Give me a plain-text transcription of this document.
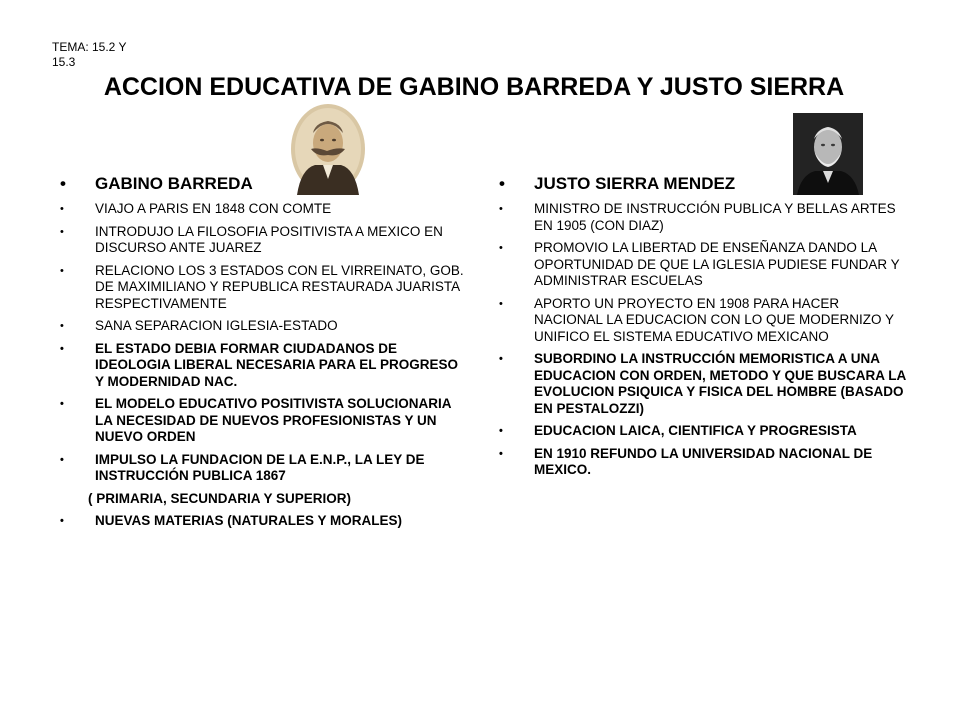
TEMA: 15.2 Y 15.3
ACCION EDUCATIVA DE GABINO BARREDA Y JUSTO SIERRA
• GABINO BARREDA
• VIAJO A PARIS EN 1848 CON COMTE
• INTRODUJO LA FILOSOFIA POSITIVISTA A MEXICO EN DISCURSO ANTE JUAREZ
• RELACIONO LOS 3 ESTADOS CON EL VIRREINATO, GOB. DE MAXIMILIANO Y REPUBLICA RESTAURADA JUARISTA RESPECTIVAMENTE
• SANA SEPARACION IGLESIA-ESTADO
• EL ESTADO DEBIA FORMAR CIUDADANOS DE IDEOLOGIA LIBERAL NECESARIA PARA EL PROGRESO Y MODERNIDAD NAC.
• EL MODELO EDUCATIVO POSITIVISTA SOLUCIONARIA LA NECESIDAD DE NUEVOS PROFESIONISTAS Y UN NUEVO ORDEN
• IMPULSO LA FUNDACION DE LA E.N.P., LA LEY DE INSTRUCCIÓN PUBLICA 1867
( PRIMARIA, SECUNDARIA Y SUPERIOR)
• NUEVAS MATERIAS (NATURALES Y MORALES)
• JUSTO SIERRA MENDEZ
• MINISTRO DE INSTRUCCIÓN PUBLICA Y BELLAS ARTES EN 1905 (CON DIAZ)
• PROMOVIO LA LIBERTAD DE ENSEÑANZA DANDO LA OPORTUNIDAD DE QUE LA IGLESIA PUDIESE FUNDAR Y ADMINISTRAR ESCUELAS
• APORTO UN PROYECTO EN 1908 PARA HACER NACIONAL LA EDUCACION CON LO QUE MODERNIZO Y UNIFICO EL SISTEMA EDUCATIVO MEXICANO
• SUBORDINO LA INSTRUCCIÓN MEMORISTICA A UNA EDUCACION CON ORDEN, METODO Y QUE BUSCARA LA EVOLUCION PSIQUICA Y FISICA DEL HOMBRE (BASADO EN PESTALOZZI)
• EDUCACION LAICA, CIENTIFICA Y PROGRESISTA
• EN 1910 REFUNDO LA UNIVERSIDAD NACIONAL DE MEXICO.
